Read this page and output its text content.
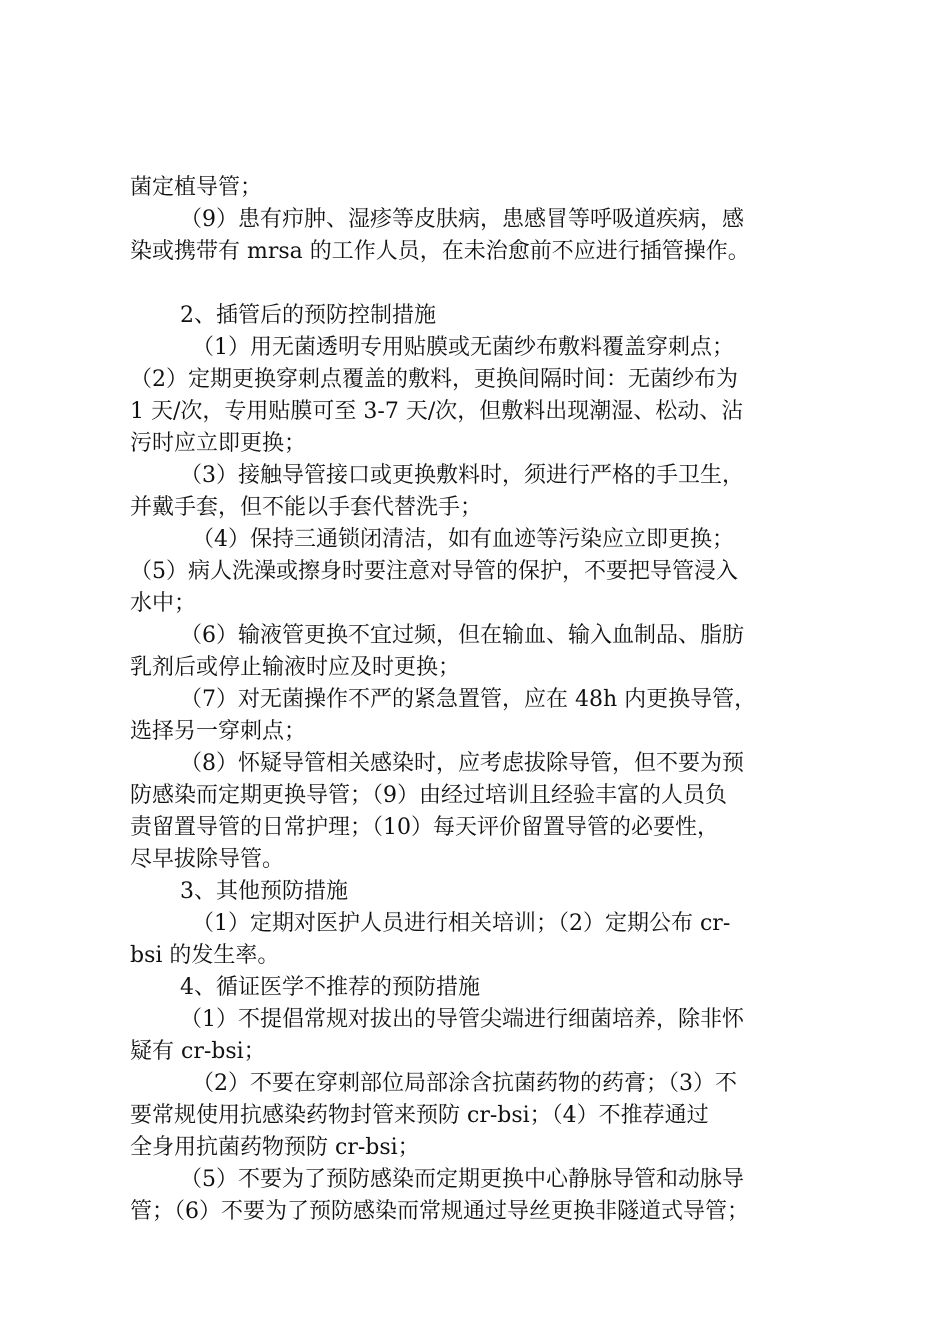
菌定植导管；
（9）患有疖肿、湿疹等皮肤病，患感冒等呼吸道疾病，感
染或携带有 mrsa 的工作人员，在未治愈前不应进行插管操作。
2、插管后的预防控制措施
（1）用无菌透明专用贴膜或无菌纱布敷料覆盖穿刺点；
（2）定期更换穿刺点覆盖的敷料，更换间隔时间：无菌纱布为
1 天/次，专用贴膜可至 3-7 天/次，但敷料出现潮湿、松动、沾
污时应立即更换；
（3）接触导管接口或更换敷料时，须进行严格的手卫生，
并戴手套，但不能以手套代替洗手；
（4）保持三通锁闭清洁，如有血迹等污染应立即更换；
（5）病人洗澡或擦身时要注意对导管的保护，不要把导管浸入
水中；
（6）输液管更换不宜过频，但在输血、输入血制品、脂肪
乳剂后或停止输液时应及时更换；
（7）对无菌操作不严的紧急置管，应在 48h 内更换导管，
选择另一穿刺点；
（8）怀疑导管相关感染时，应考虑拔除导管，但不要为预
防感染而定期更换导管；（9）由经过培训且经验丰富的人员负
责留置导管的日常护理；（10）每天评价留置导管的必要性，
尽早拔除导管。
3、其他预防措施
（1）定期对医护人员进行相关培训；（2）定期公布 cr-
bsi 的发生率。
4、循证医学不推荐的预防措施
（1）不提倡常规对拔出的导管尖端进行细菌培养，除非怀
疑有 cr-bsi；
（2）不要在穿刺部位局部涂含抗菌药物的药膏；（3）不
要常规使用抗感染药物封管来预防 cr-bsi；（4）不推荐通过
全身用抗菌药物预防 cr-bsi；
（5）不要为了预防感染而定期更换中心静脉导管和动脉导
管；（6）不要为了预防感染而常规通过导丝更换非隧道式导管；
